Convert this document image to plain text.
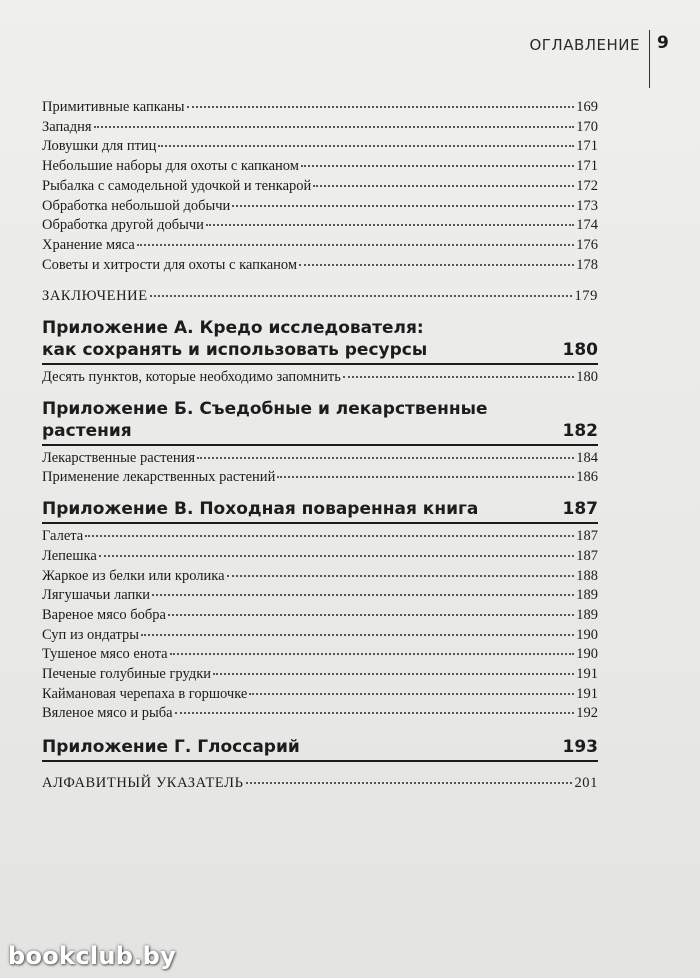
ОГЛАВЛЕНИЕ 9
Примитивные капканы	169
Западня	170
Ловушки для птиц	171
Небольшие наборы для охоты с капканом	171
Рыбалка с самодельной удочкой и тенкарой	172
Обработка небольшой добычи	173
Обработка другой добычи	174
Хранение мяса	176
Советы и хитрости для охоты с капканом	178
ЗАКЛЮЧЕНИЕ	179
Приложение А. Кредо исследователя:
как сохранять и использовать ресурсы	180
Десять пунктов, которые необходимо запомнить	180
Приложение Б. Съедобные и лекарственные
растения	182
Лекарственные растения	184
Применение лекарственных растений	186
Приложение В. Походная поваренная книга	187
Галета	187
Лепешка	187
Жаркое из белки или кролика	188
Лягушачьи лапки	189
Вареное мясо бобра	189
Суп из ондатры	190
Тушеное мясо енота	190
Печеные голубиные грудки	191
Каймановая черепаха в горшочке	191
Вяленое мясо и рыба	192
Приложение Г. Глоссарий	193
АЛФАВИТНЫЙ УКАЗАТЕЛЬ	201
bookclub.by
